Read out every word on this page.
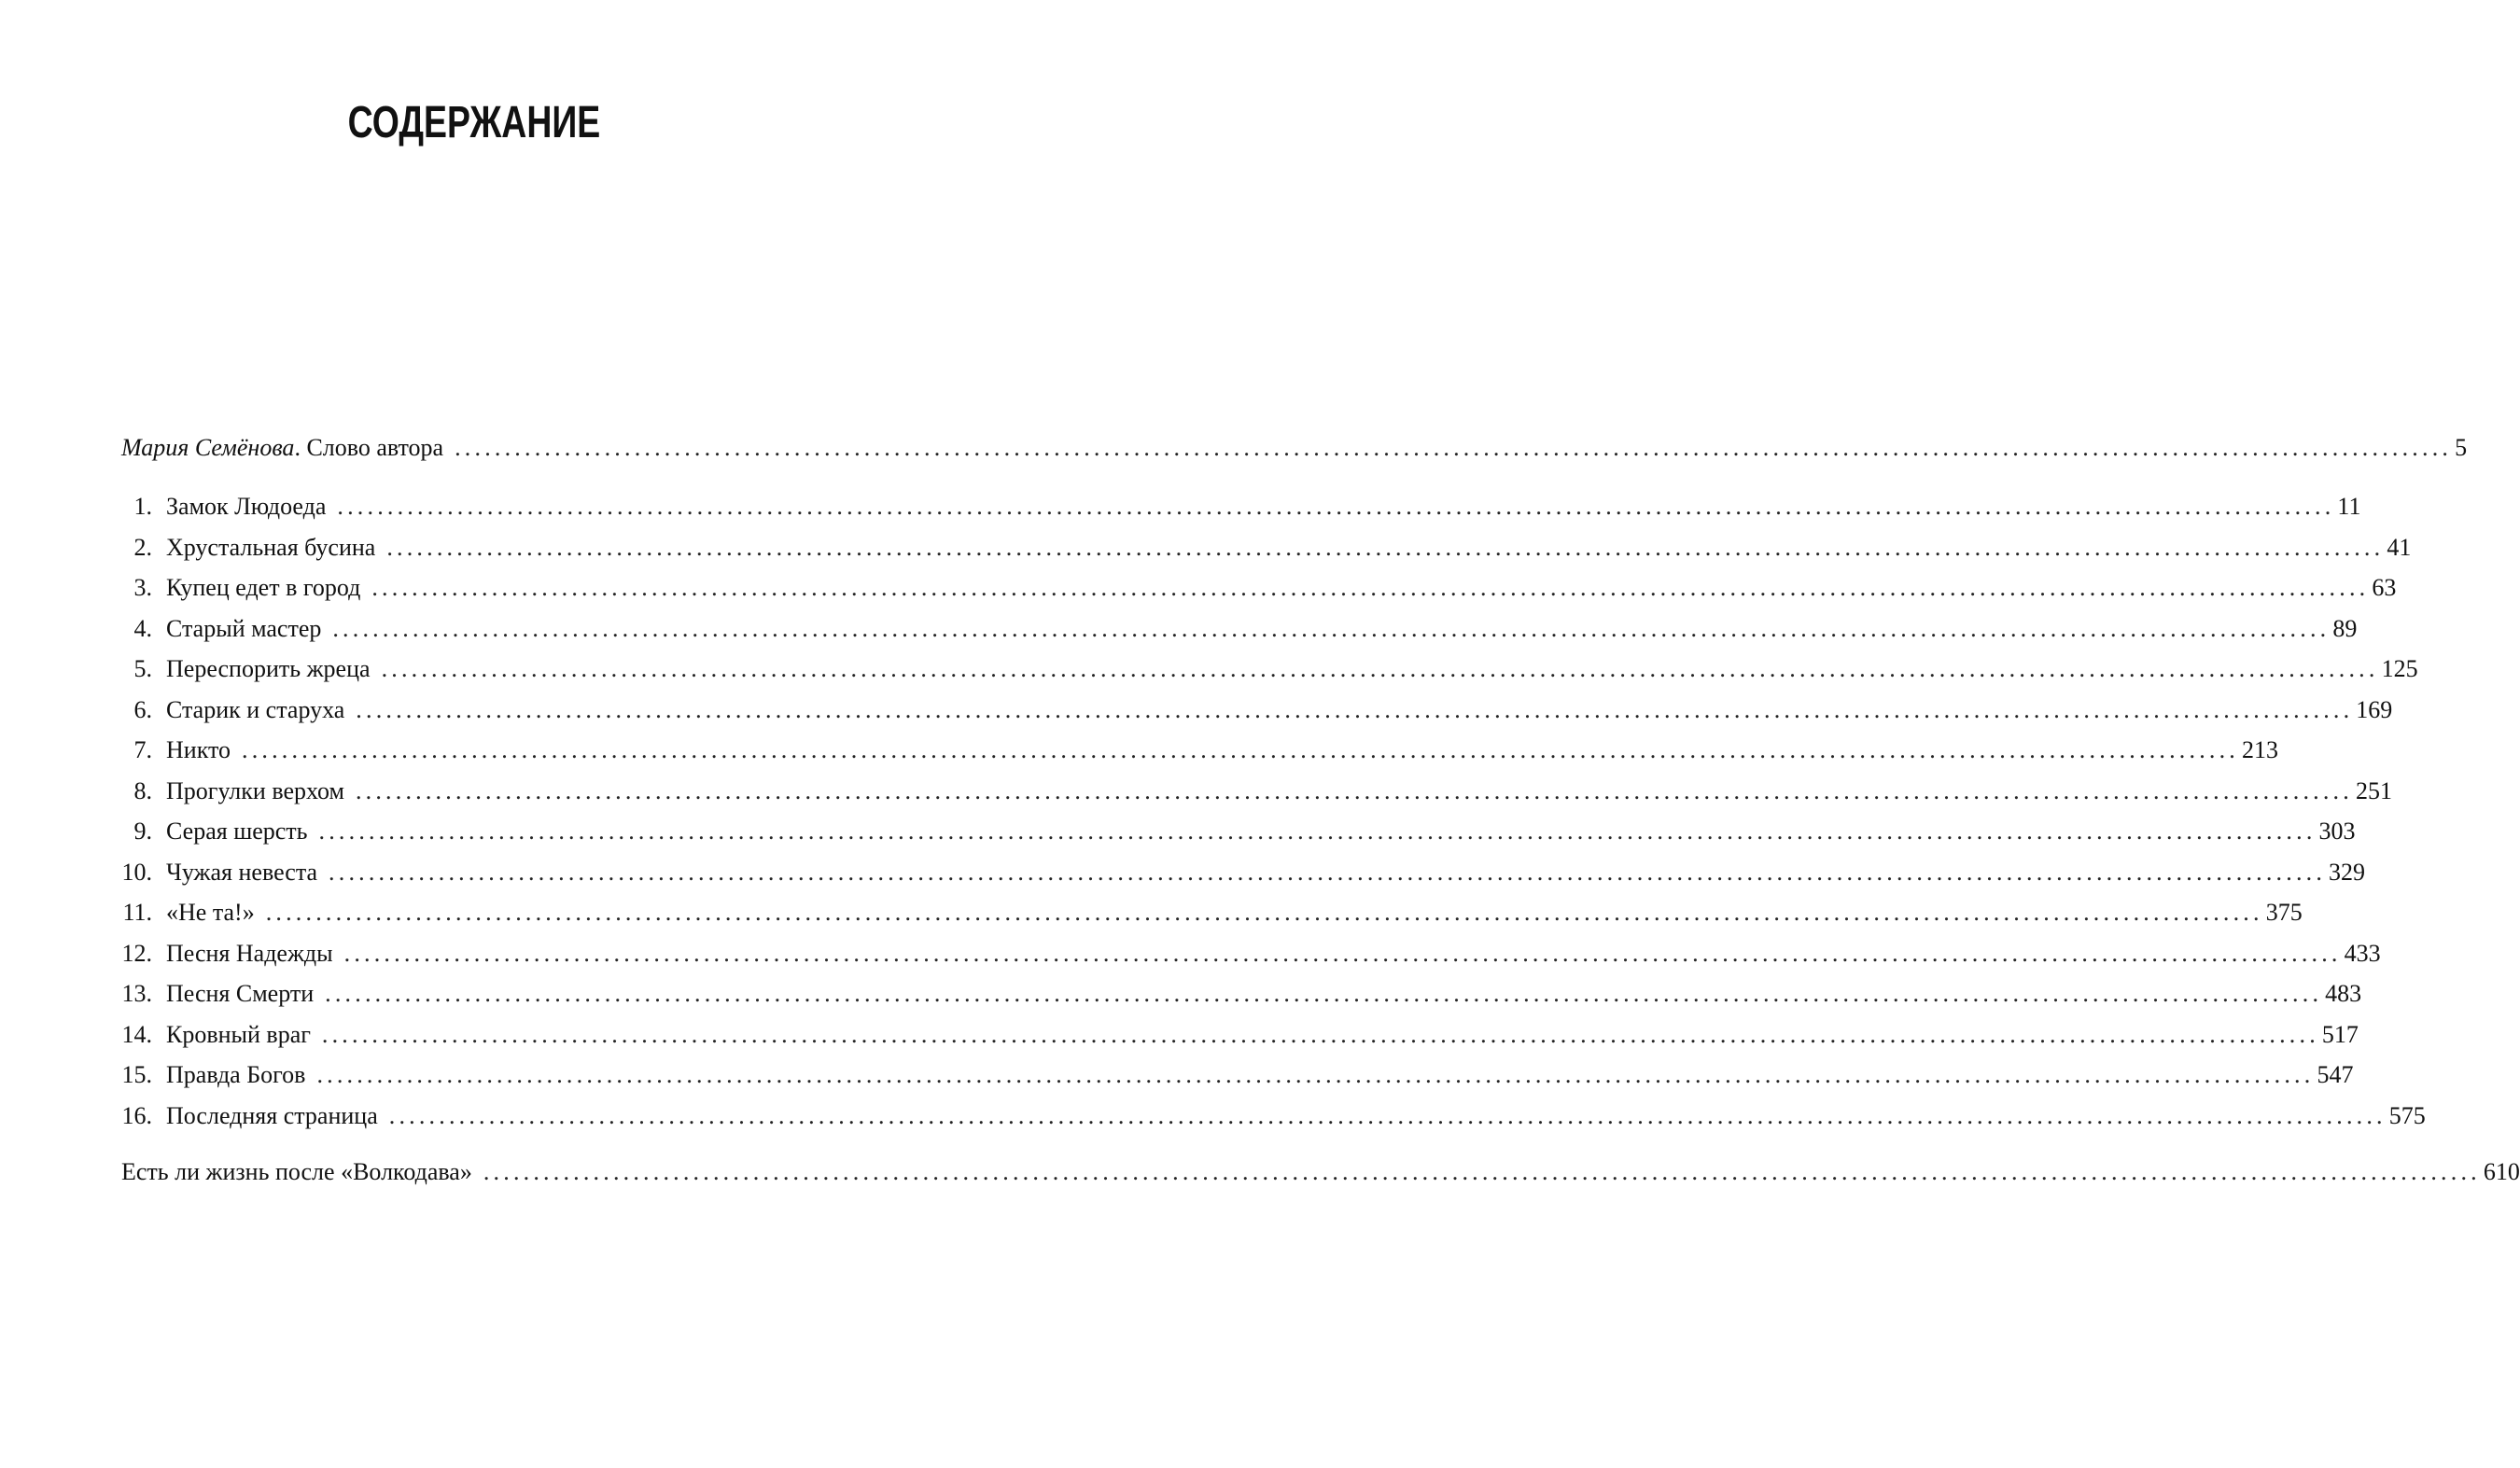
СОДЕРЖАНИЕ
Мария Семёнова. Слово автора ........................................................................................................................................................................................................ 5
1. Замок Людоеда ........................................................................................................................................................................................................ 11
2. Хрустальная бусина ........................................................................................................................................................................................................ 41
3. Купец едет в город ........................................................................................................................................................................................................ 63
4. Старый мастер ........................................................................................................................................................................................................ 89
5. Переспорить жреца ........................................................................................................................................................................................................ 125
6. Старик и старуха ........................................................................................................................................................................................................ 169
7. Никто ........................................................................................................................................................................................................ 213
8. Прогулки верхом ........................................................................................................................................................................................................ 251
9. Серая шерсть ........................................................................................................................................................................................................ 303
10. Чужая невеста ........................................................................................................................................................................................................ 329
11. «Не та!» ........................................................................................................................................................................................................ 375
12. Песня Надежды ........................................................................................................................................................................................................ 433
13. Песня Смерти ........................................................................................................................................................................................................ 483
14. Кровный враг ........................................................................................................................................................................................................ 517
15. Правда Богов ........................................................................................................................................................................................................ 547
16. Последняя страница ........................................................................................................................................................................................................ 575
Есть ли жизнь после «Волкодава» ........................................................................................................................................................................................................ 610
